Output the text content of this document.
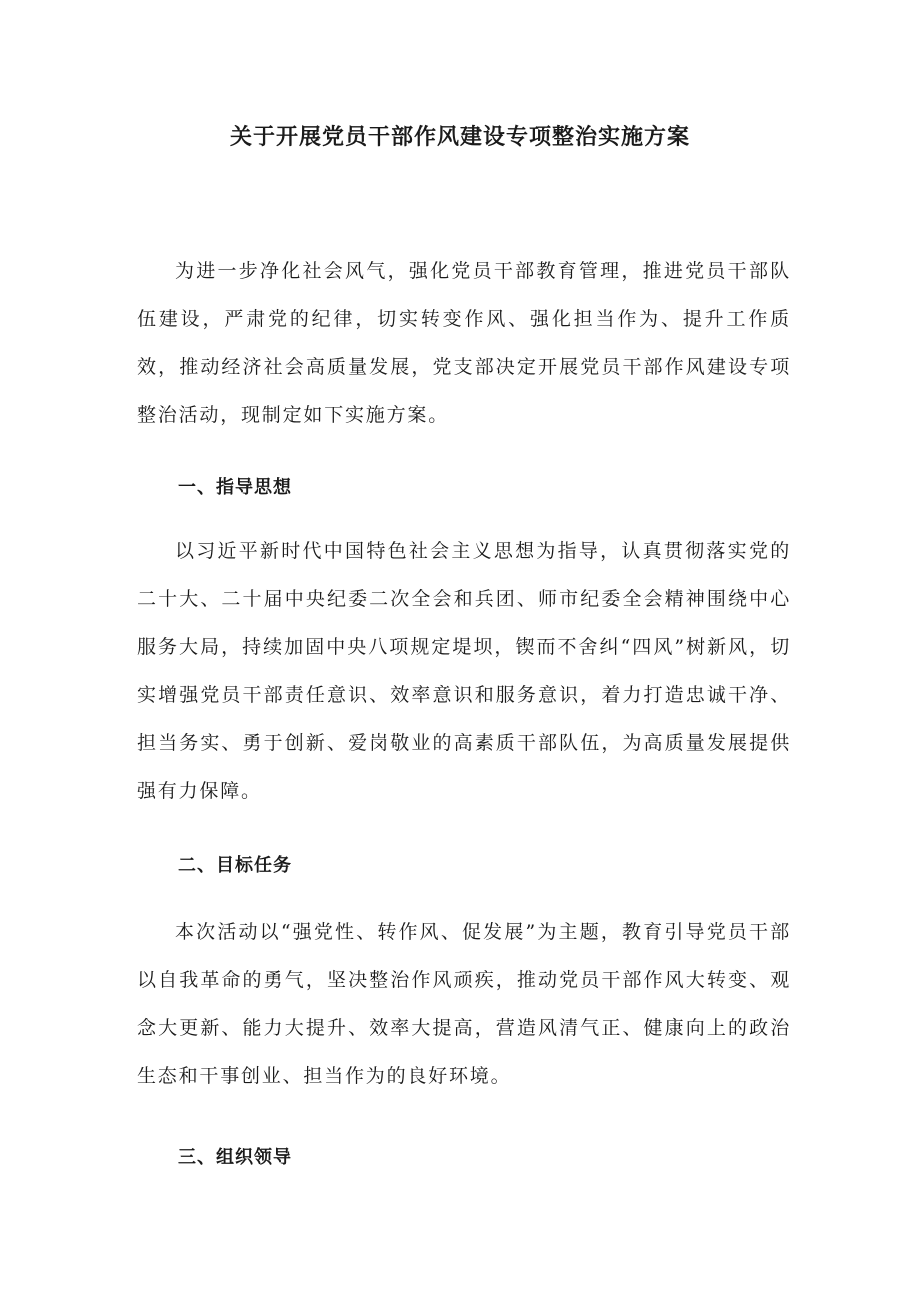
关于开展党员干部作风建设专项整治实施方案

为进一步净化社会风气，强化党员干部教育管理，推进党员干部队伍建设，严肃党的纪律，切实转变作风、强化担当作为、提升工作质效，推动经济社会高质量发展，党支部决定开展党员干部作风建设专项整治活动，现制定如下实施方案。

一、指导思想

以习近平新时代中国特色社会主义思想为指导，认真贯彻落实党的二十大、二十届中央纪委二次全会和兵团、师市纪委全会精神围绕中心服务大局，持续加固中央八项规定堤坝，锲而不舍纠“四风”树新风，切实增强党员干部责任意识、效率意识和服务意识，着力打造忠诚干净、担当务实、勇于创新、爱岗敬业的高素质干部队伍，为高质量发展提供强有力保障。

二、目标任务

本次活动以“强党性、转作风、促发展”为主题，教育引导党员干部以自我革命的勇气，坚决整治作风顽疾，推动党员干部作风大转变、观念大更新、能力大提升、效率大提高，营造风清气正、健康向上的政治生态和干事创业、担当作为的良好环境。

三、组织领导
